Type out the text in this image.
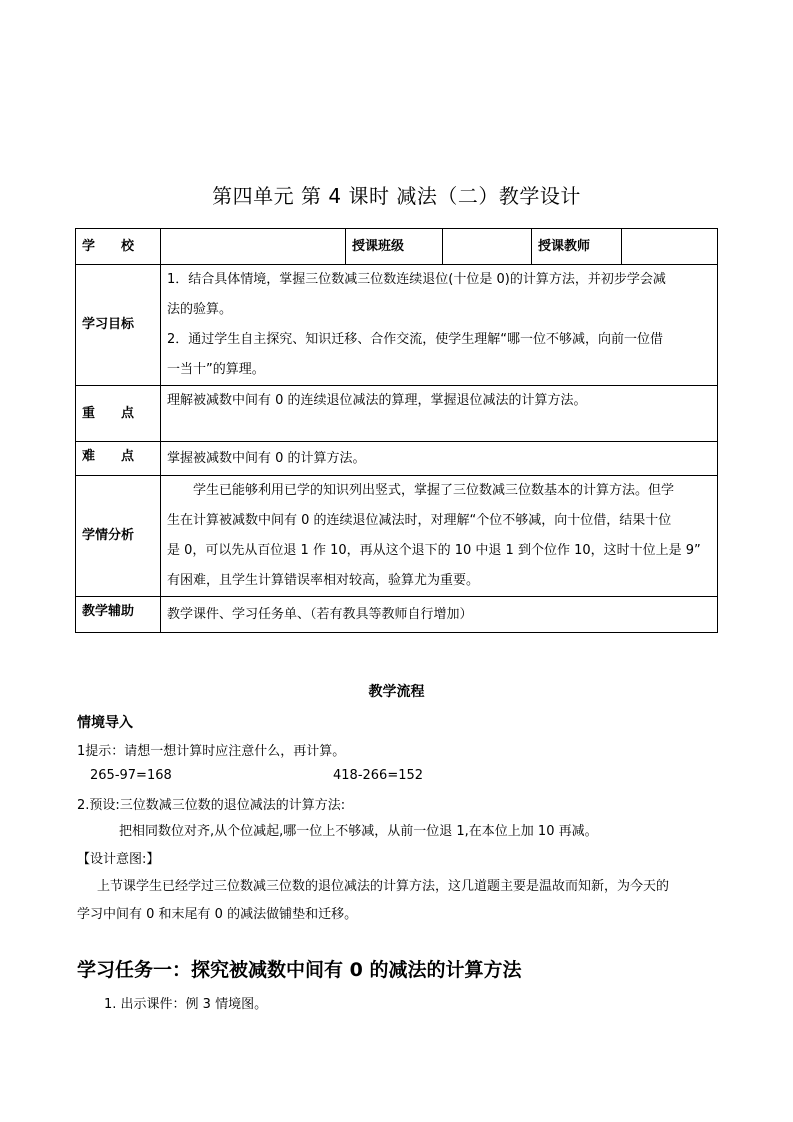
第四单元 第 4 课时 减法（二）教学设计
学　　校		授课班级		授课教师	
学习目标	1．结合具体情境，掌握三位数减三位数连续退位(十位是 0)的计算方法，并初步学会减
法的验算。
2．通过学生自主探究、知识迁移、合作交流，使学生理解“哪一位不够减，向前一位借
一当十”的算理。				

重　　点	理解被减数中间有 0 的连续退位减法的算理，掌握退位减法的计算方法。				
难　　点	掌握被减数中间有 0 的计算方法。				
学情分析	学生已能够利用已学的知识列出竖式，掌握了三位数减三位数基本的计算方法。但学
生在计算被减数中间有 0 的连续退位减法时，对理解“个位不够减，向十位借，结果十位
是 0，可以先从百位退 1 作 10，再从这个退下的 10 中退 1 到个位作 10，这时十位上是 9”
有困难，且学生计算错误率相对较高，验算尤为重要。				

教学辅助	教学课件、学习任务单、（若有教具等教师自行增加）				
教学流程
情境导入
1提示：请想一想计算时应注意什么，再计算。
265-97=168	418-266=152
2.预设:三位数减三位数的退位减法的计算方法:
把相同数位对齐,从个位减起,哪一位上不够减，从前一位退 1,在本位上加 10 再减。
【设计意图:】
上节课学生已经学过三位数减三位数的退位减法的计算方法，这几道题主要是温故而知新，为今天的
学习中间有 0 和末尾有 0 的减法做铺垫和迁移。
学习任务一：探究被减数中间有 0 的减法的计算方法
1. 出示课件：例 3 情境图。
